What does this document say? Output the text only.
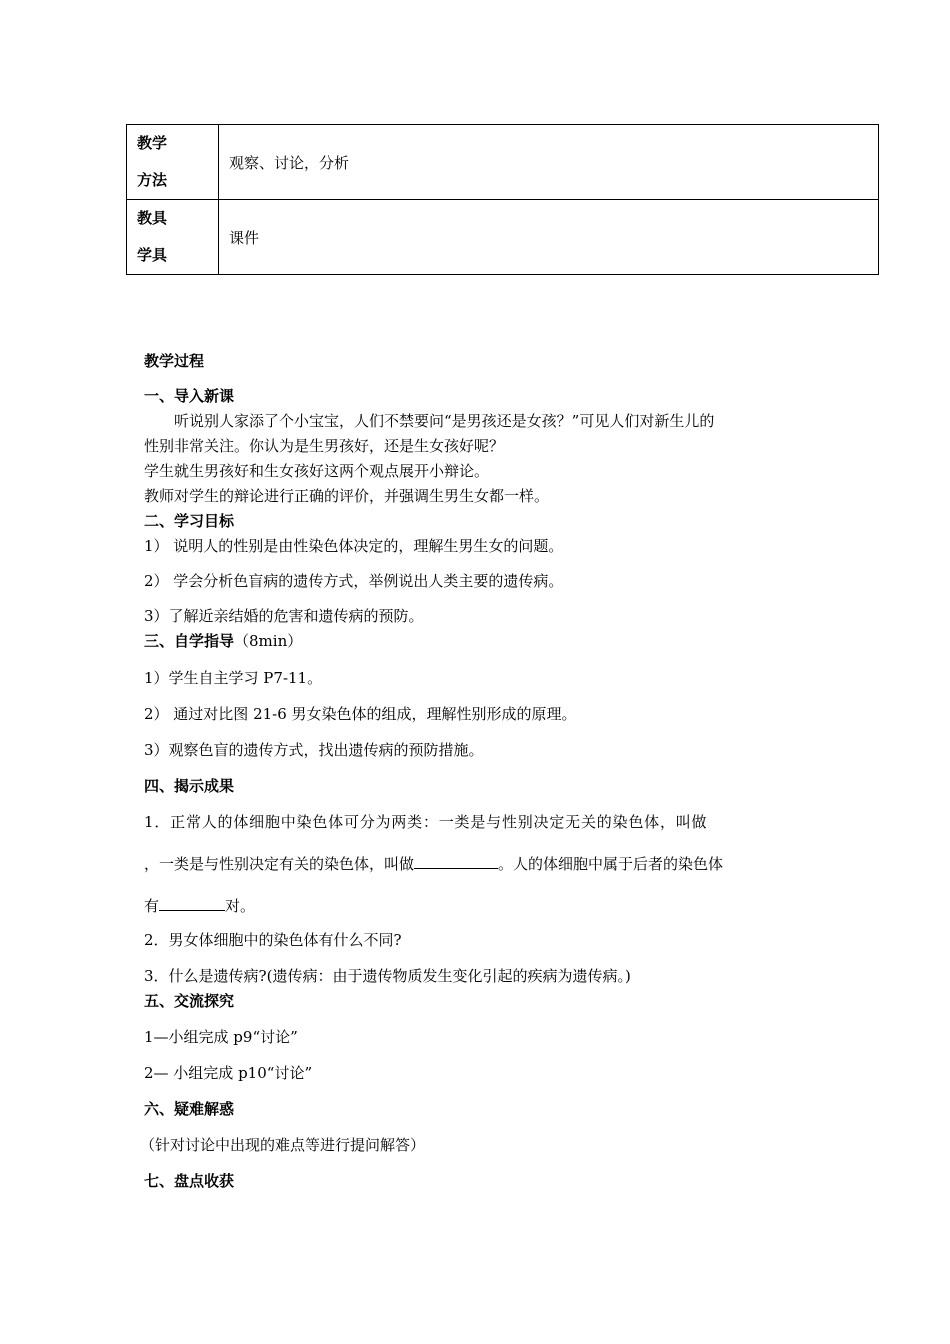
教学
方法	观察、讨论，分析

教具
学具	课件
教学过程
一、导入新课
　　听说别人家添了个小宝宝，人们不禁要问“是男孩还是女孩？”可见人们对新生儿的
性别非常关注。你认为是生男孩好，还是生女孩好呢？
学生就生男孩好和生女孩好这两个观点展开小辩论。
教师对学生的辩论进行正确的评价，并强调生男生女都一样。
二、学习目标
1） 说明人的性别是由性染色体决定的，理解生男生女的问题。
2） 学会分析色盲病的遗传方式，举例说出人类主要的遗传病。
3）了解近亲结婚的危害和遗传病的预防。
三、自学指导（8min）
1）学生自主学习 P7-11。
2） 通过对比图 21-6 男女染色体的组成，理解性别形成的原理。
3）观察色盲的遗传方式，找出遗传病的预防措施。
四、揭示成果
1．正常人的体细胞中染色体可分为两类：一类是与性别决定无关的染色体，叫做
，一类是与性别决定有关的染色体，叫做	。人的体细胞中属于后者的染色体
有	对。
2．男女体细胞中的染色体有什么不同?
3．什么是遗传病?(遗传病：由于遗传物质发生变化引起的疾病为遗传病。)
五、交流探究
1—小组完成 p9“讨论”
2— 小组完成 p10“讨论”
六、疑难解惑
（针对讨论中出现的难点等进行提问解答）
七、盘点收获
